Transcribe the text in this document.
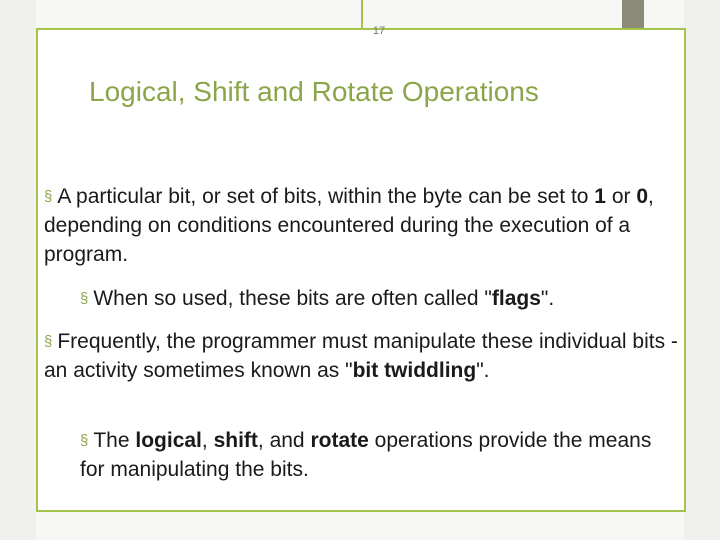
17
Logical, Shift and Rotate Operations
§ A particular bit, or set of bits, within the byte can be set to 1 or 0, depending on conditions encountered during the execution of a program.
§ When so used, these bits are often called "flags".
§ Frequently, the programmer must manipulate these individual bits - an activity sometimes known as "bit twiddling".
§ The logical, shift, and rotate operations provide the means for manipulating the bits.
